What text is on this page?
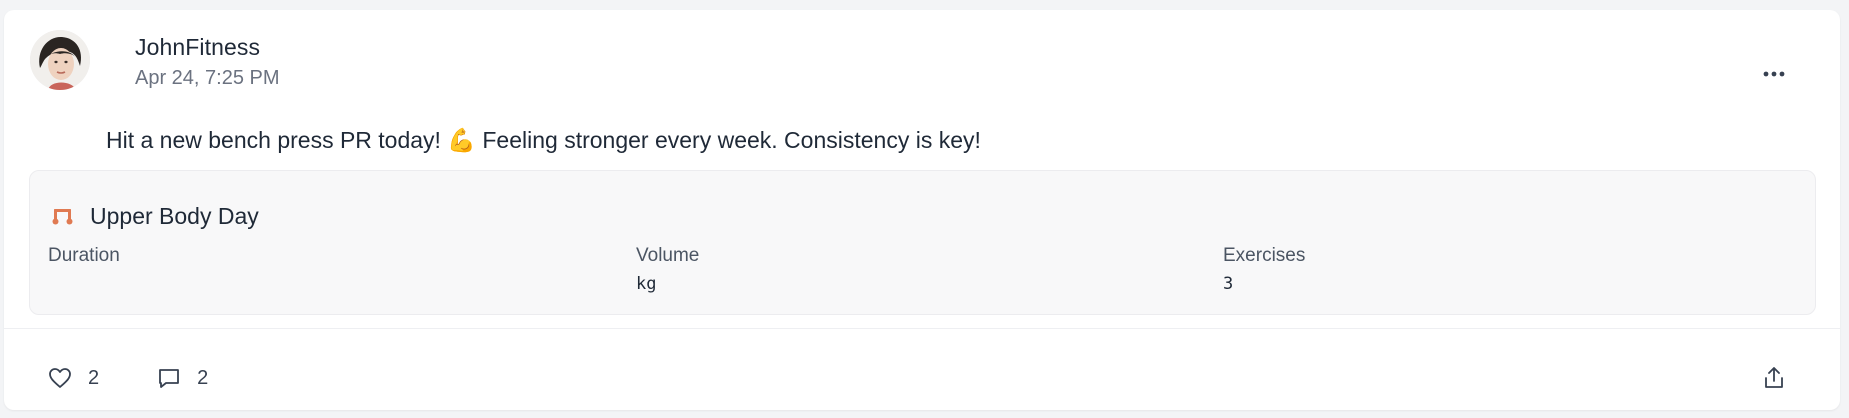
JohnFitness
Apr 24, 7:25 PM
Hit a new bench press PR today! 💪 Feeling stronger every week. Consistency is key!
Upper Body Day
Duration	Volume
kg
Exercises
3
2	2
